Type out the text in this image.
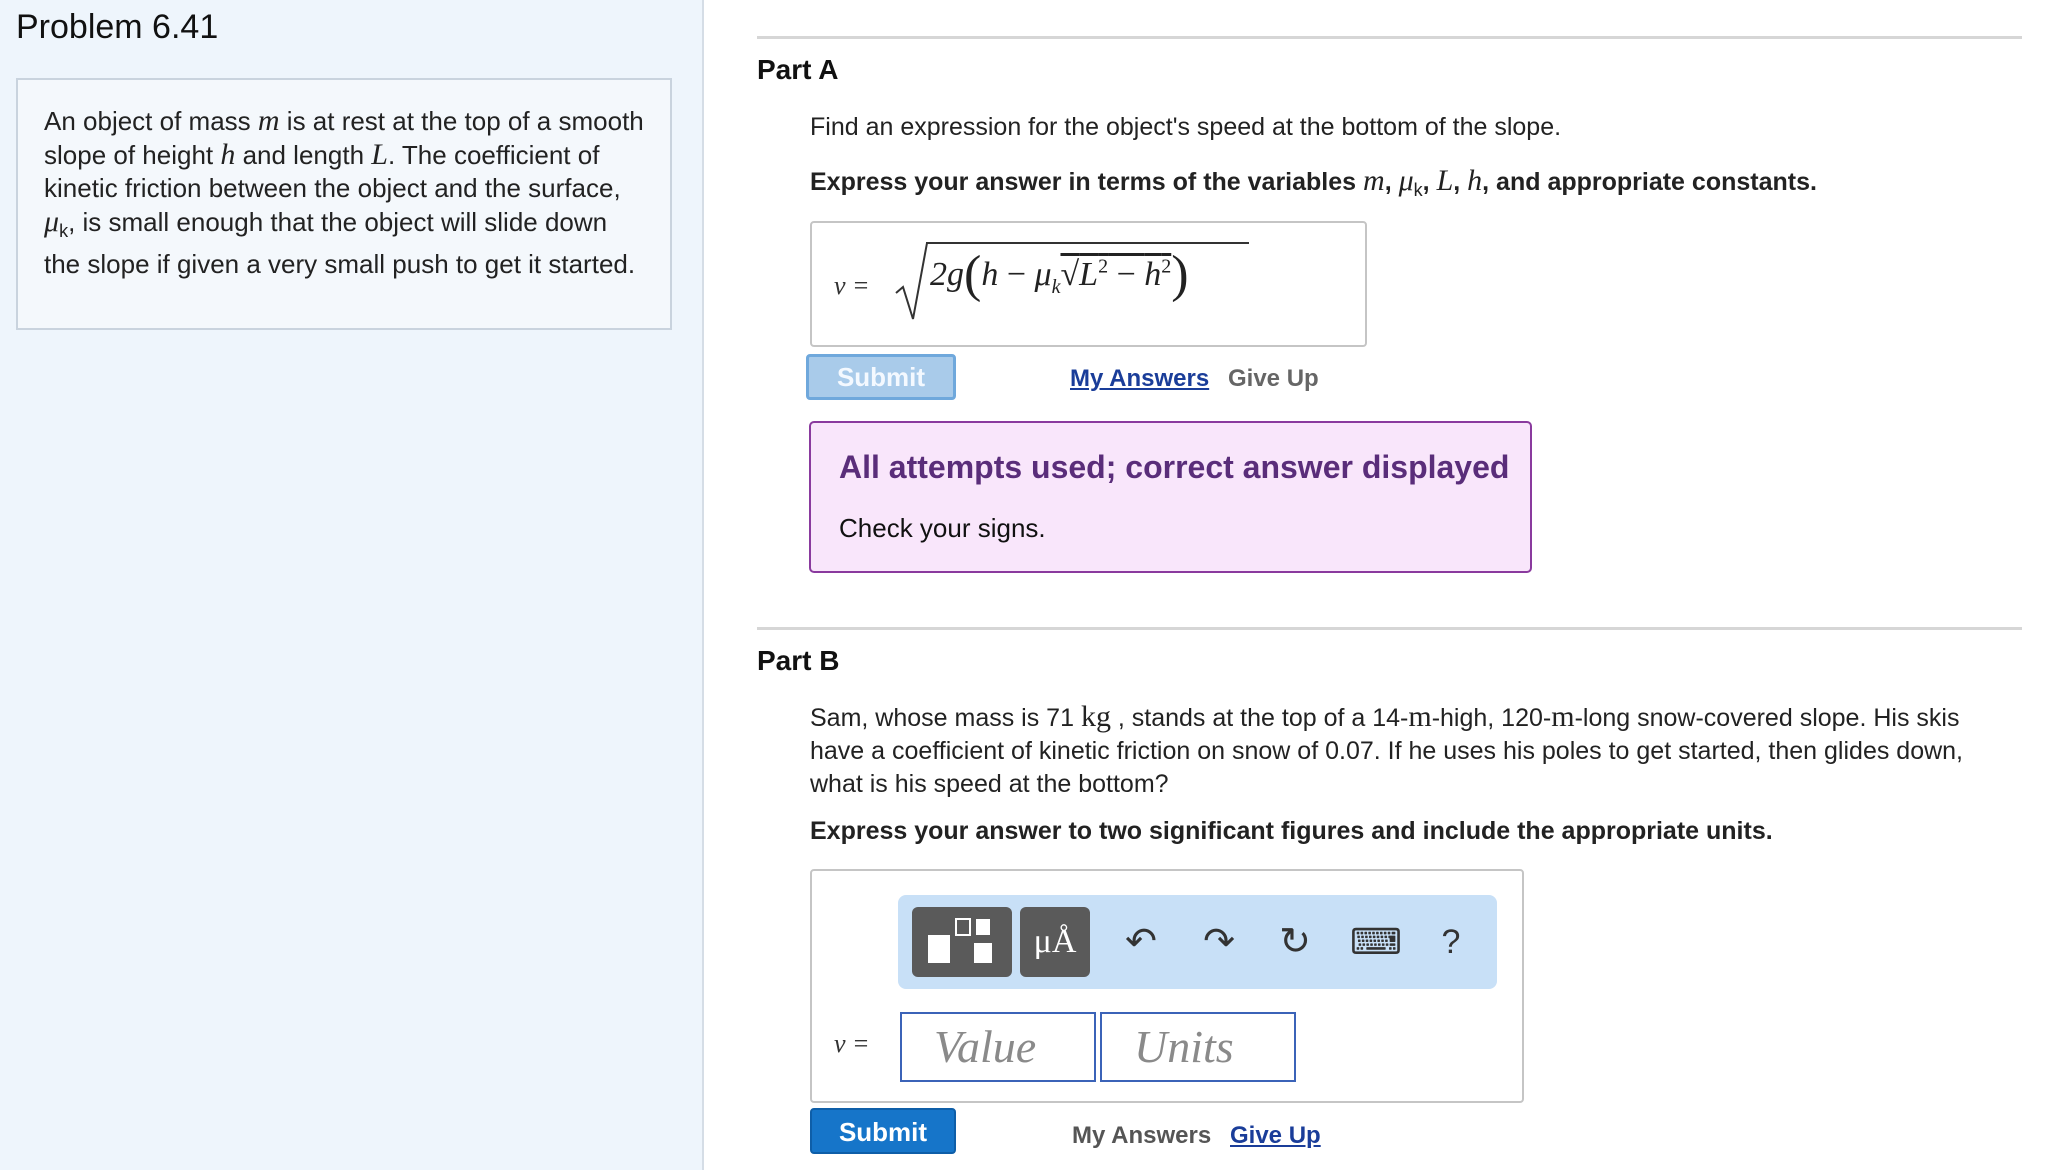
Problem 6.41
An object of mass m is at rest at the top of a smooth slope of height h and length L. The coefficient of kinetic friction between the object and the surface, $\mu_k$, is small enough that the object will slide down the slope if given a very small push to get it started.
Part A
Find an expression for the object's speed at the bottom of the slope.
Express your answer in terms of the variables m, $\mu_k$, L, h, and appropriate constants.
$v = 2g(h - \mu_k√L^2 - h^2)$
Submit	My Answers Give Up
All attempts used; correct answer displayed
Check your signs.
Part B
Sam, whose mass is 71 kg , stands at the top of a 14-m-high, 120-m-long snow-covered slope. His skis have a coefficient of kinetic friction on snow of 0.07. If he uses his poles to get started, then glides down, what is his speed at the bottom?
Express your answer to two significant figures and include the appropriate units.
μÅ	↶ ↷ ↻ ⌨	?
v =	Value	Units
Submit	My Answers Give Up
